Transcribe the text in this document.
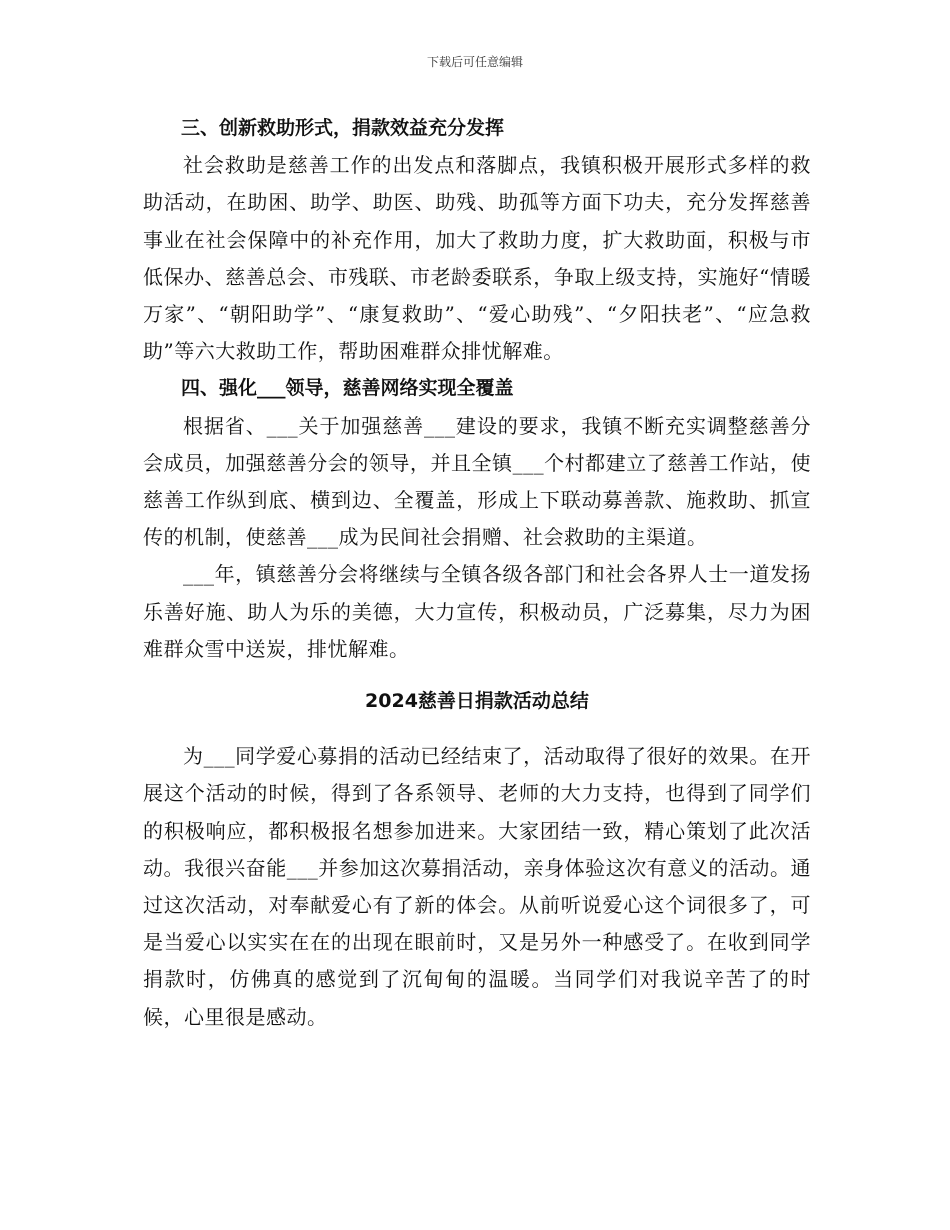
下载后可任意编辑

三、创新救助形式，捐款效益充分发挥

社会救助是慈善工作的出发点和落脚点，我镇积极开展形式多样的救助活动，在助困、助学、助医、助残、助孤等方面下功夫，充分发挥慈善事业在社会保障中的补充作用，加大了救助力度，扩大救助面，积极与市低保办、慈善总会、市残联、市老龄委联系，争取上级支持，实施好“情暖万家”、“朝阳助学”、“康复救助”、“爱心助残”、“夕阳扶老”、“应急救助”等六大救助工作，帮助困难群众排忧解难。

四、强化___领导，慈善网络实现全覆盖

根据省、___关于加强慈善___建设的要求，我镇不断充实调整慈善分会成员，加强慈善分会的领导，并且全镇___个村都建立了慈善工作站，使慈善工作纵到底、横到边、全覆盖，形成上下联动募善款、施救助、抓宣传的机制，使慈善___成为民间社会捐赠、社会救助的主渠道。

___年，镇慈善分会将继续与全镇各级各部门和社会各界人士一道发扬乐善好施、助人为乐的美德，大力宣传，积极动员，广泛募集，尽力为困难群众雪中送炭，排忧解难。

2024慈善日捐款活动总结

为___同学爱心募捐的活动已经结束了，活动取得了很好的效果。在开展这个活动的时候，得到了各系领导、老师的大力支持，也得到了同学们的积极响应，都积极报名想参加进来。大家团结一致，精心策划了此次活动。我很兴奋能___并参加这次募捐活动，亲身体验这次有意义的活动。通过这次活动，对奉献爱心有了新的体会。从前听说爱心这个词很多了，可是当爱心以实实在在的出现在眼前时，又是另外一种感受了。在收到同学捐款时，仿佛真的感觉到了沉甸甸的温暖。当同学们对我说辛苦了的时候，心里很是感动。
